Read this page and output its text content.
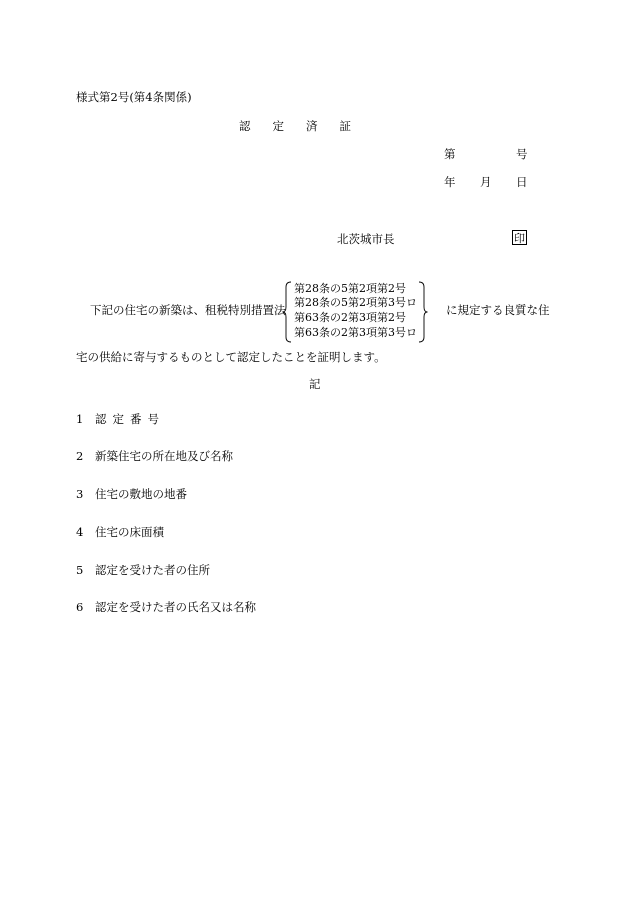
様式第2号(第4条関係)
認定済証
第	号
年 月 日
北茨城市長	印
下記の住宅の新築は、租税特別措置法
第28条の5第2項第2号
第28条の5第2項第3号ロ
第63条の2第3項第2号
第63条の2第3項第3号ロ
に規定する良質な住
宅の供給に寄与するものとして認定したことを証明します。
記
1 認定番号
2 新築住宅の所在地及び名称
3 住宅の敷地の地番
4 住宅の床面積
5 認定を受けた者の住所
6 認定を受けた者の氏名又は名称
